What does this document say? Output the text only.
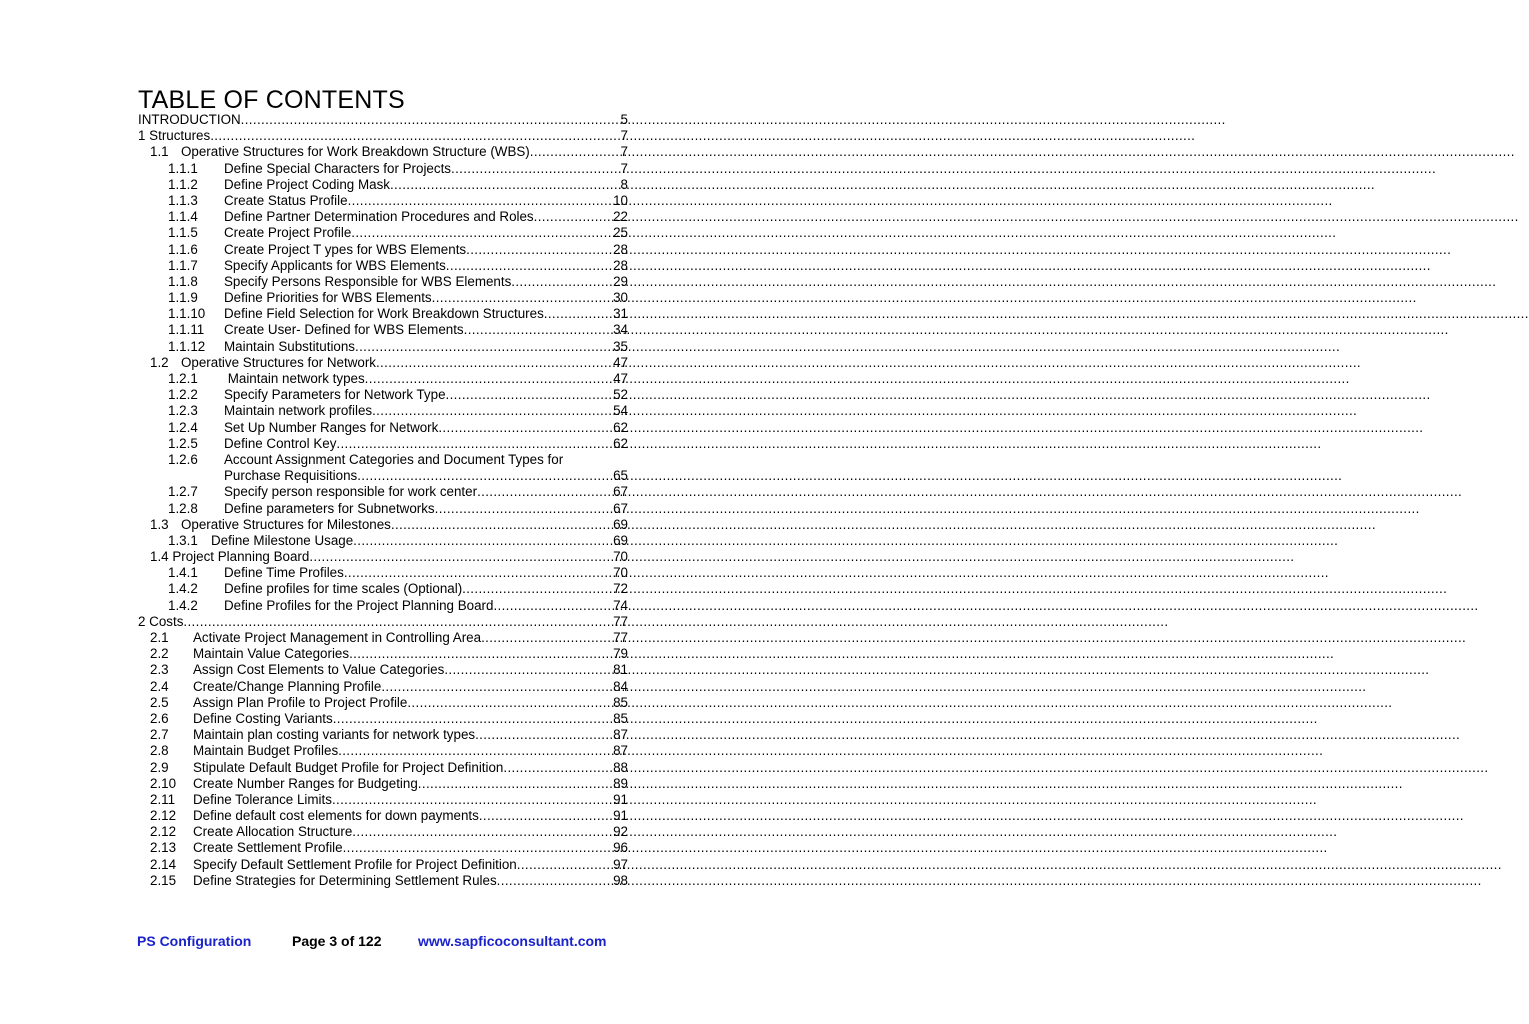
TABLE OF CONTENTS
INTRODUCTION .....	5
1 Structures .....	7
1.1 Operative Structures for Work Breakdown Structure (WBS) .....	7
1.1.1	Define Special Characters for Projects .....	7
1.1.2	Define Project Coding Mask .....	8
1.1.3	Create Status Profile .....	10
1.1.4	Define Partner Determination Procedures and Roles .....	22
1.1.5	Create Project Profile .....	25
1.1.6	Create Project T ypes for WBS Elements .....	28
1.1.7	Specify Applicants for WBS Elements .....	28
1.1.8	Specify Persons Responsible for WBS Elements .....	29
1.1.9	Define Priorities for WBS Elements .....	30
1.1.10	Define Field Selection for Work Breakdown Structures .....	31
1.1.11	Create User- Defined for WBS Elements .....	34
1.1.12	Maintain Substitutions .....	35
1.2 Operative Structures for Network .....	47
1.2.1	Maintain network types .....	47
1.2.2	Specify Parameters for Network Type .....	52
1.2.3	Maintain network profiles .....	54
1.2.4	Set Up Number Ranges for Network .....	62
1.2.5	Define Control Key .....	62
1.2.6	Account Assignment Categories and Document Types for
Purchase Requisitions .....	65
1.2.7	Specify person responsible for work center .....	67
1.2.8	Define parameters for Subnetworks .....	67
1.3 Operative Structures for Milestones .....	69
1.3.1 Define Milestone Usage .....	69
1.4 Project Planning Board .....	70
1.4.1	Define Time Profiles .....	70
1.4.2	Define profiles for time scales (Optional) .....	72
1.4.2	Define Profiles for the Project Planning Board .....	74
2 Costs .....	77
2.1	Activate Project Management in Controlling Area .....	77
2.2	Maintain Value Categories .....	79
2.3	Assign Cost Elements to Value Categories .....	81
2.4	Create/Change Planning Profile .....	84
2.5	Assign Plan Profile to Project Profile .....	85
2.6	Define Costing Variants .....	85
2.7	Maintain plan costing variants for network types .....	87
2.8	Maintain Budget Profiles .....	87
2.9	Stipulate Default Budget Profile for Project Definition .....	88
2.10	Create Number Ranges for Budgeting .....	89
2.11	Define Tolerance Limits .....	91
2.12	Define default cost elements for down payments .....	91
2.12	Create Allocation Structure .....	92
2.13	Create Settlement Profile .....	96
2.14	Specify Default Settlement Profile for Project Definition .....	97
2.15	Define Strategies for Determining Settlement Rules .....	98
PS Configuration	Page 3 of 122	www.sapficoconsultant.com
